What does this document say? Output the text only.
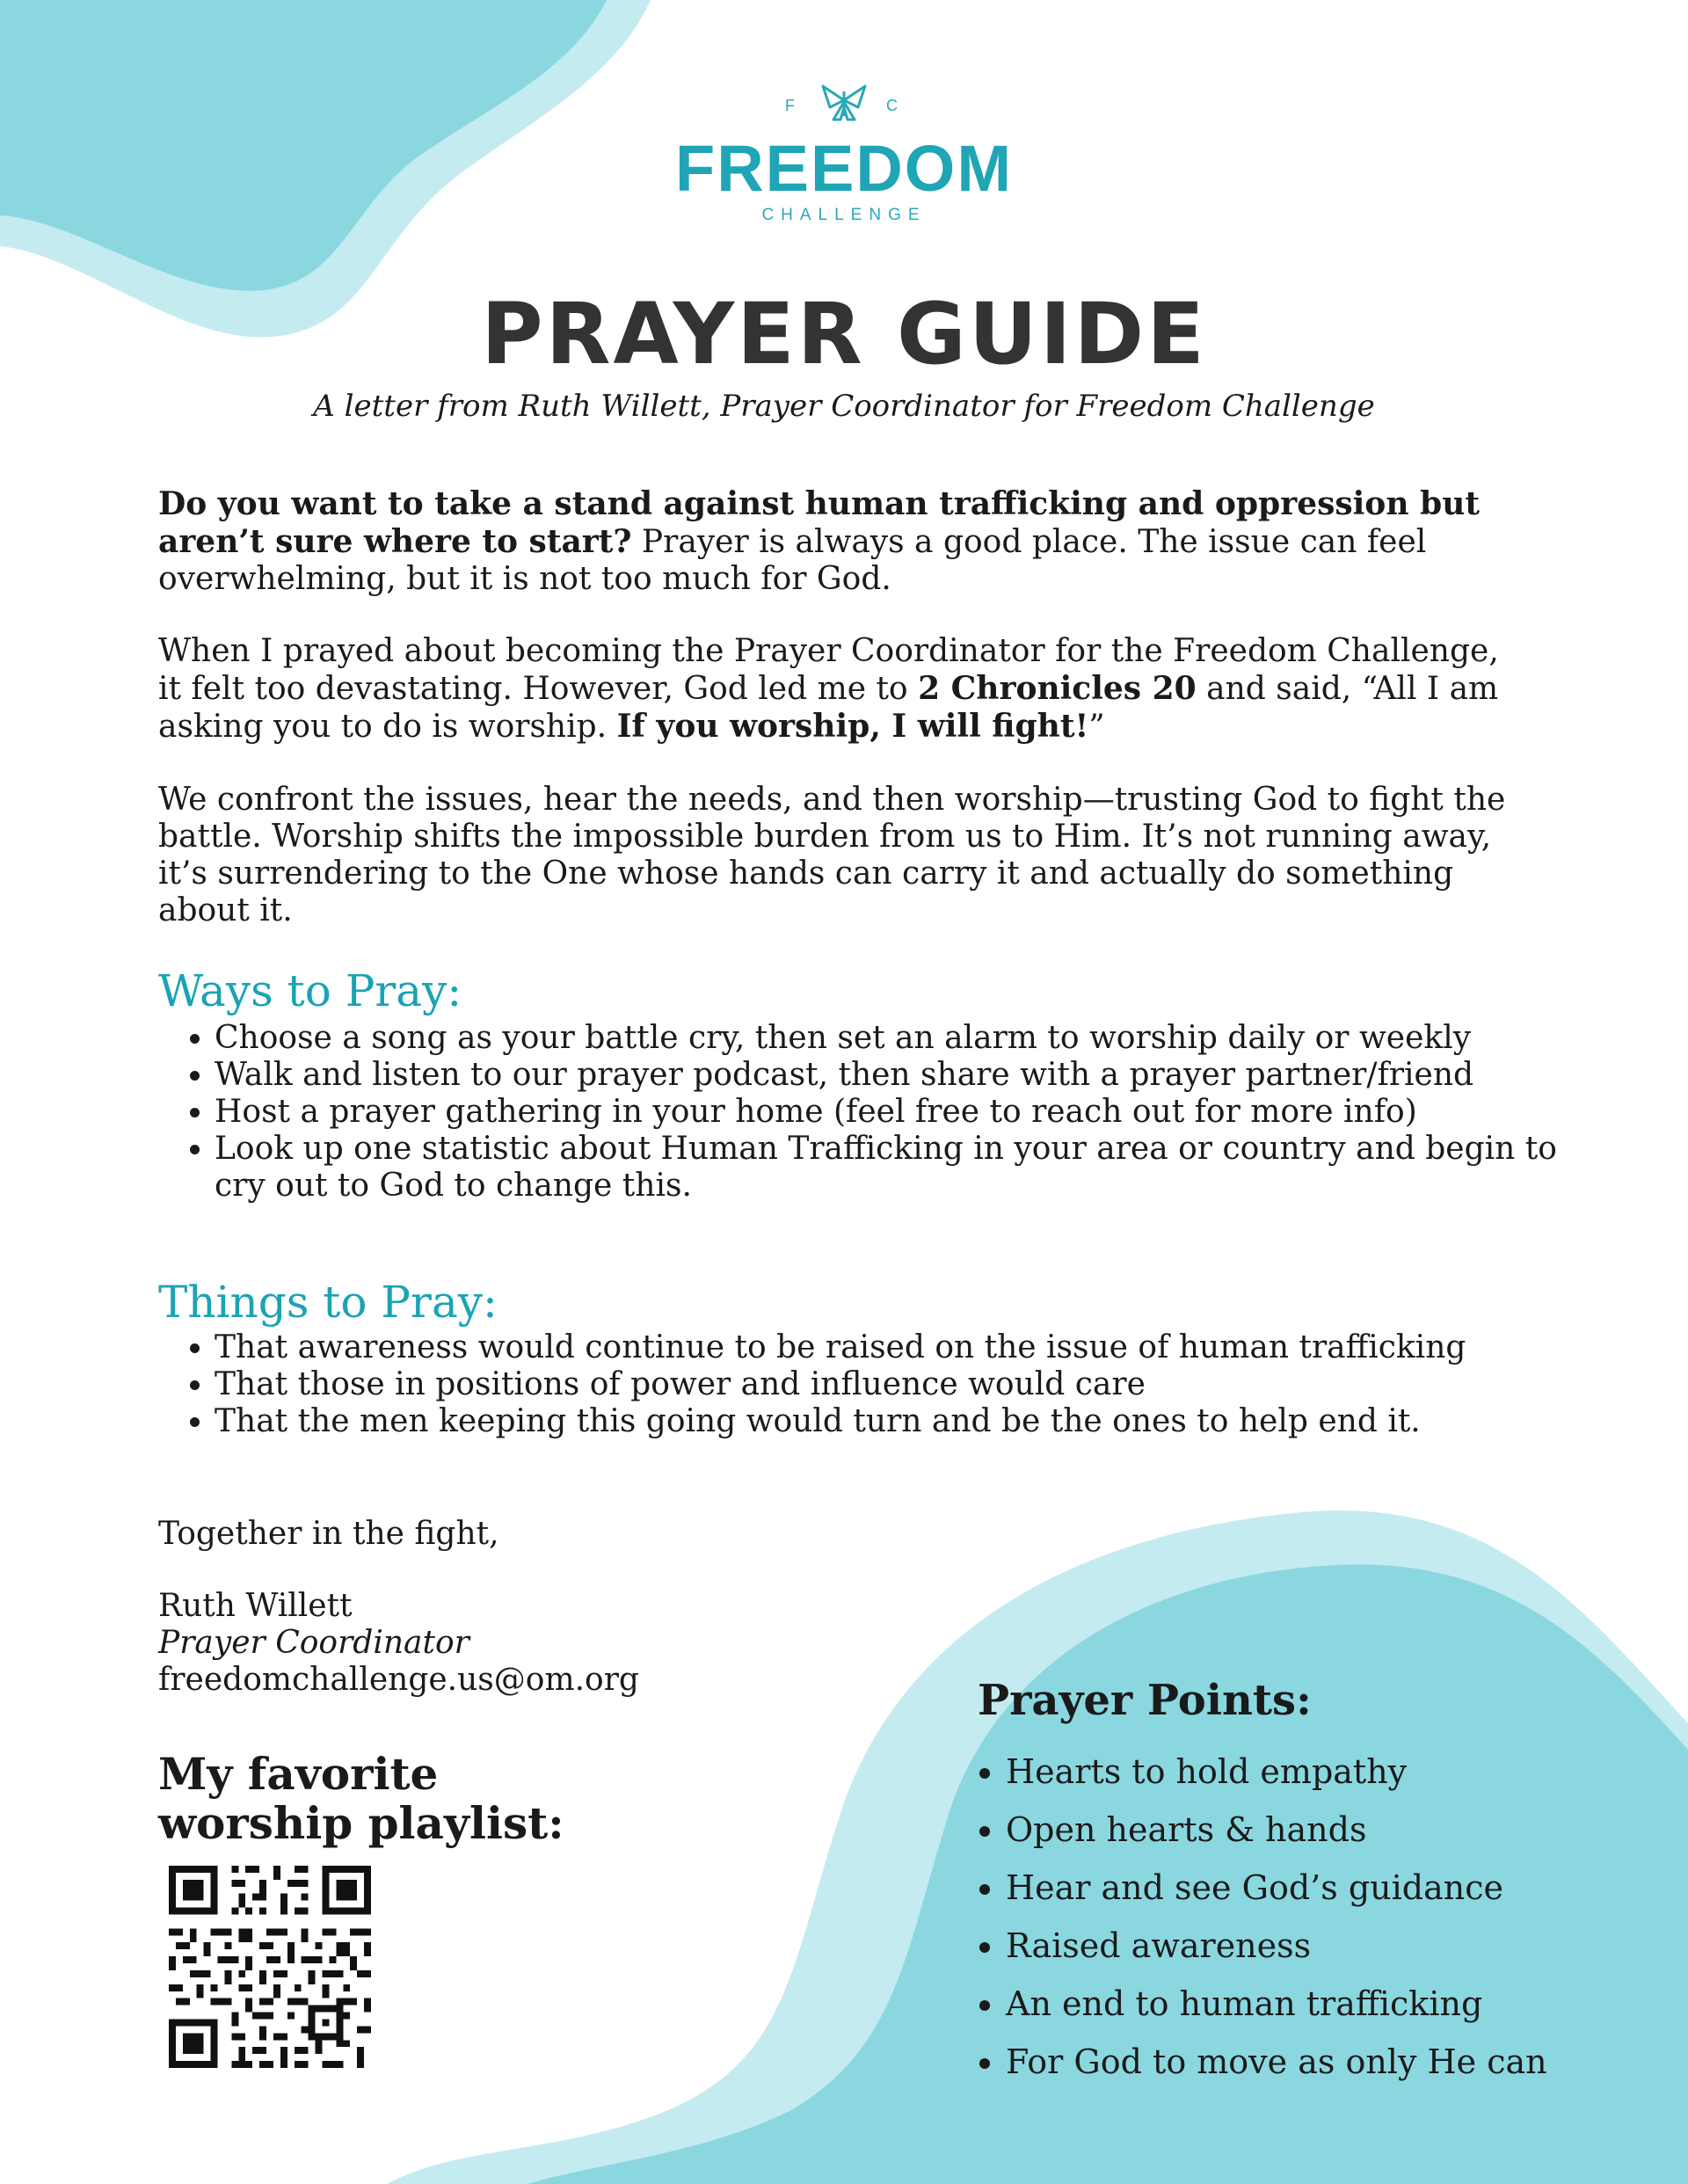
F	C
FREEDOM
CHALLENGE
PRAYER GUIDE
A letter from Ruth Willett, Prayer Coordinator for Freedom Challenge

Do you want to take a stand against human trafficking and oppression but aren’t sure where to start? Prayer is always a good place. The issue can feel overwhelming, but it is not too much for God.

When I prayed about becoming the Prayer Coordinator for the Freedom Challenge, it felt too devastating. However, God led me to 2 Chronicles 20 and said, “All I am asking you to do is worship. If you worship, I will fight!”

We confront the issues, hear the needs, and then worship—trusting God to fight the battle. Worship shifts the impossible burden from us to Him. It’s not running away, it’s surrendering to the One whose hands can carry it and actually do something about it.

Ways to Pray:
• Choose a song as your battle cry, then set an alarm to worship daily or weekly
• Walk and listen to our prayer podcast, then share with a prayer partner/friend
• Host a prayer gathering in your home (feel free to reach out for more info)
• Look up one statistic about Human Trafficking in your area or country and begin to cry out to God to change this.
Things to Pray:
• That awareness would continue to be raised on the issue of human trafficking
• That those in positions of power and influence would care
• That the men keeping this going would turn and be the ones to help end it.
Together in the fight,
Ruth Willett
Prayer Coordinator
freedomchallenge.us@om.org
My favorite
worship playlist:
Prayer Points:
• Hearts to hold empathy
• Open hearts & hands
• Hear and see God’s guidance
• Raised awareness
• An end to human trafficking
• For God to move as only He can
